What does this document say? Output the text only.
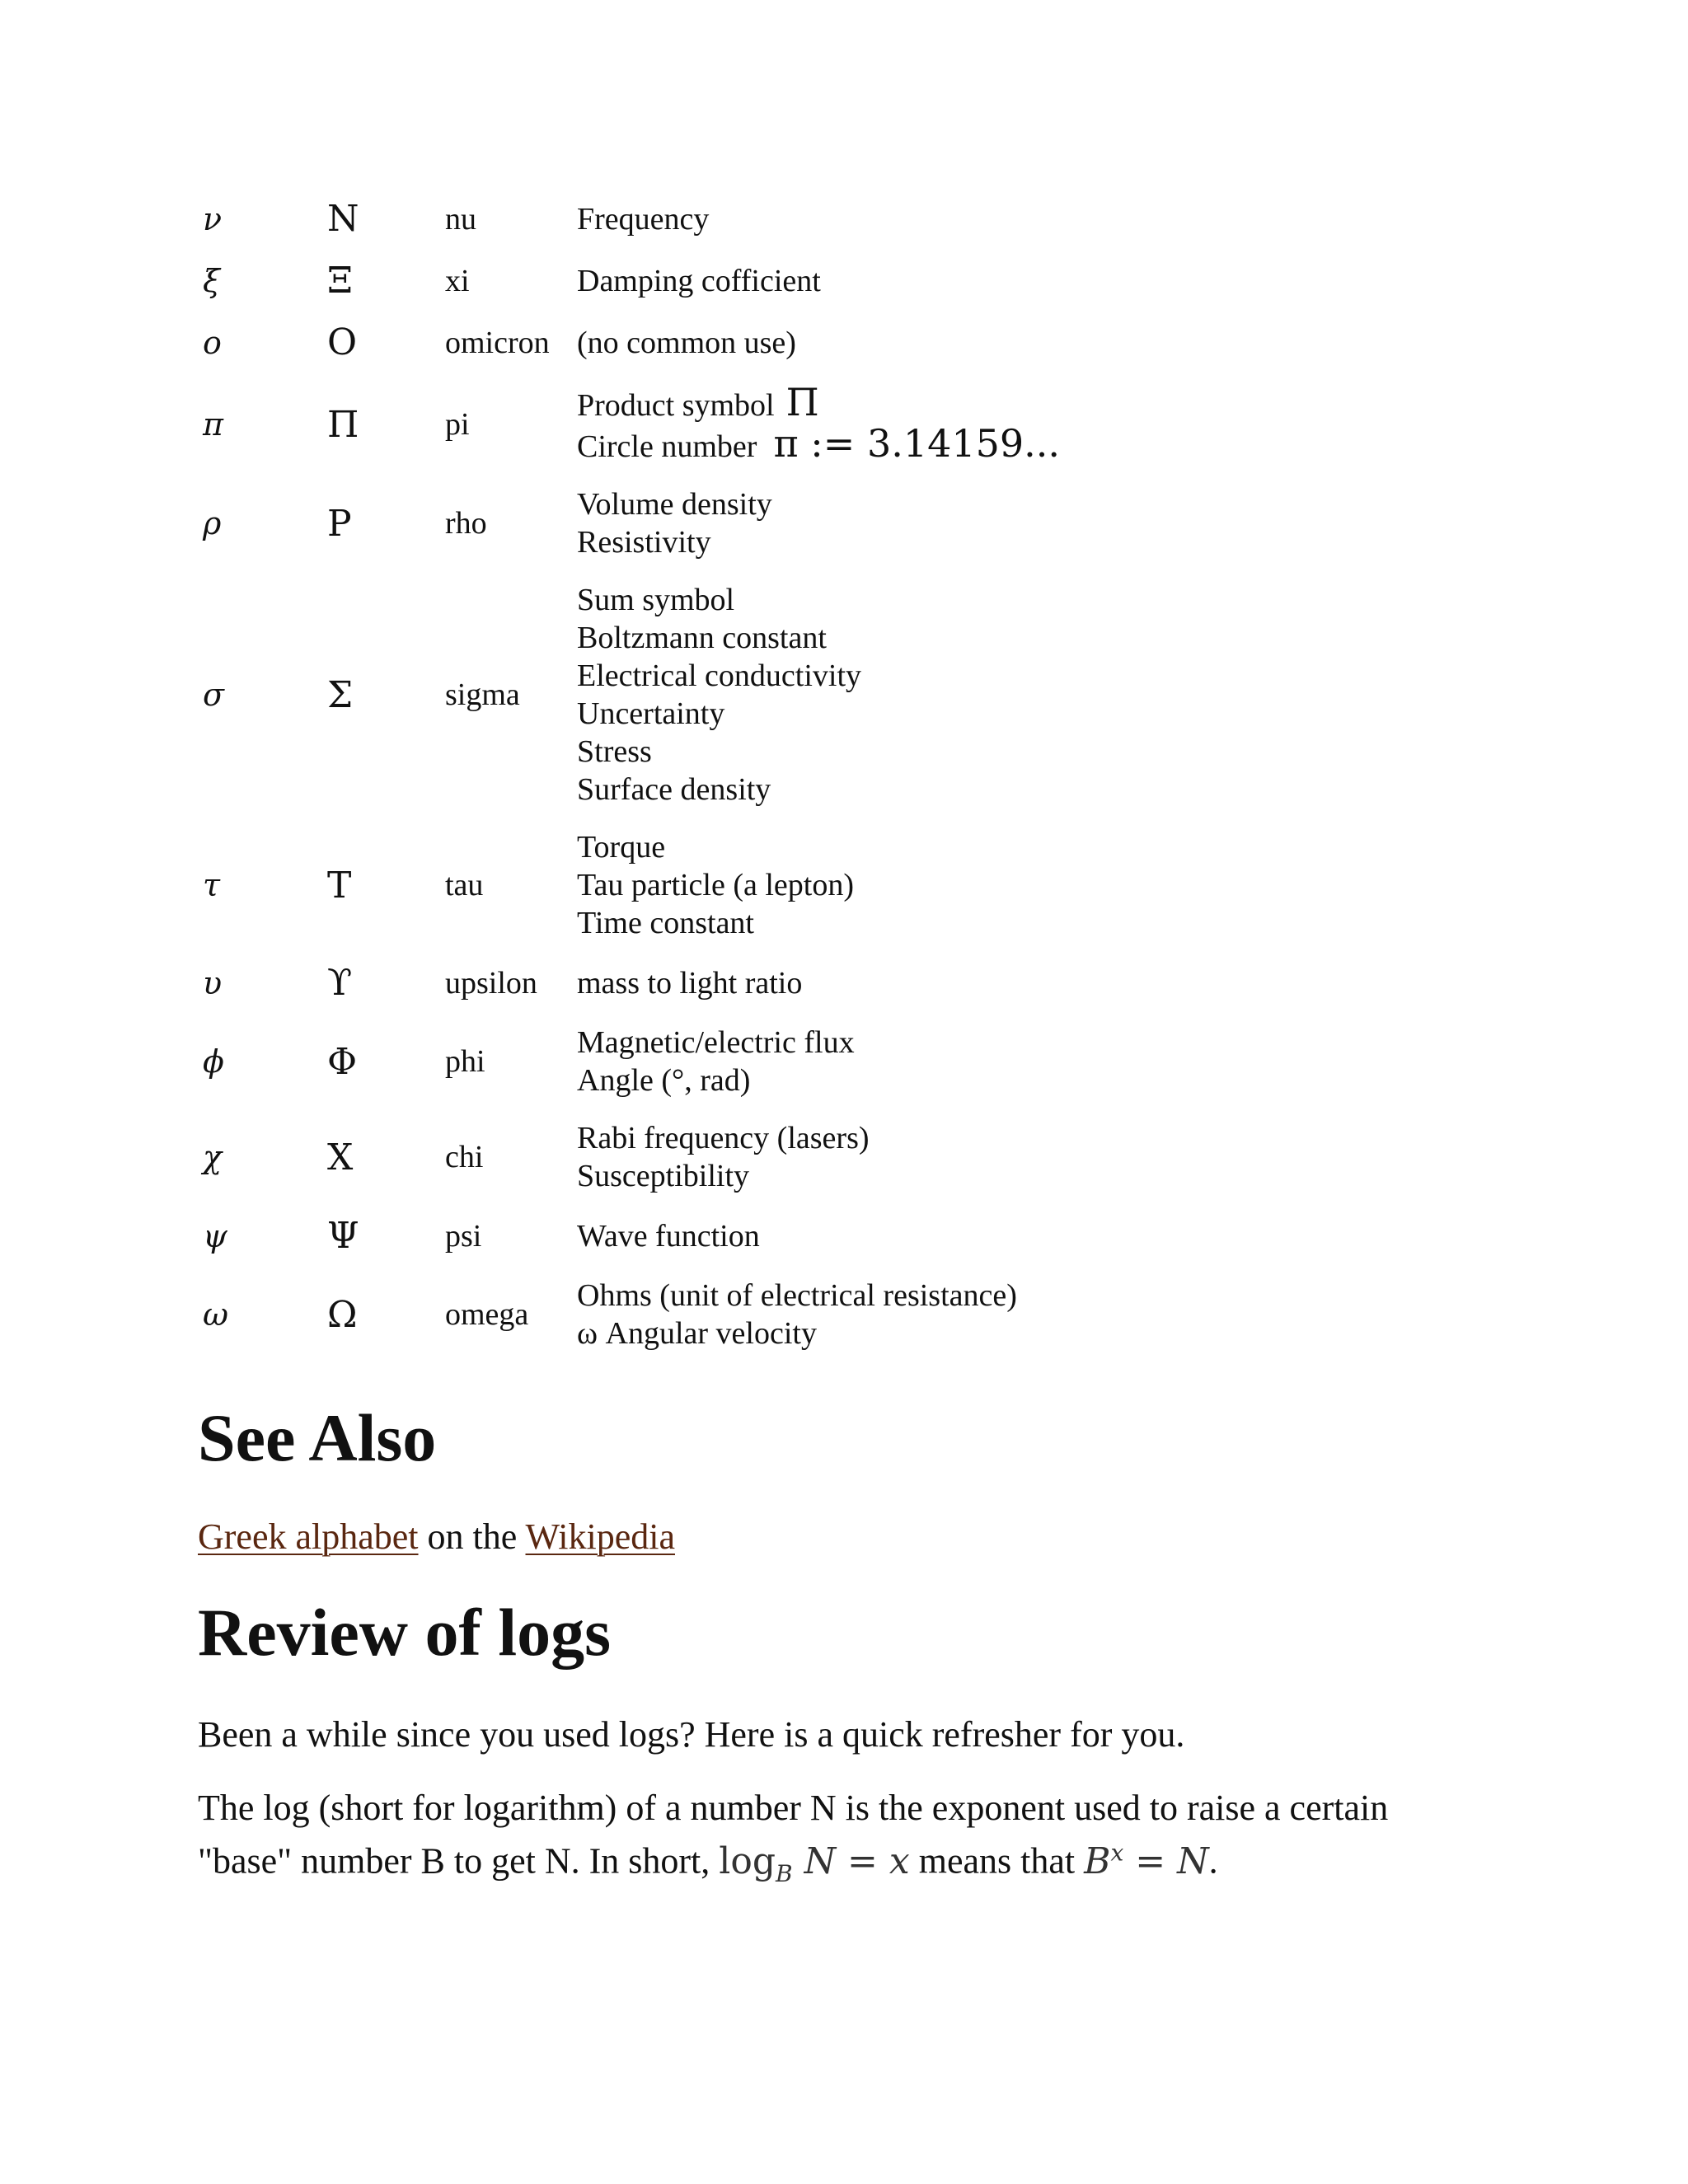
ν	N	nu	Frequency
ξ	Ξ	xi	Damping cofficient
ο	Ο	omicron (no common use)
π	Π	pi
Product symbol Π
Circle number π := 3.14159...
ρ	P	rho
Volume density
Resistivity
σ	Σ	sigma
Sum symbol
Boltzmann constant
Electrical conductivity
Uncertainty
Stress
Surface density
τ	T	tau
Torque
Tau particle (a lepton)
Time constant
υ	ϒ	upsilon	mass to light ratio
ϕ	Φ	phi
Magnetic/electric flux
Angle (°, rad)
χ	X	chi
Rabi frequency (lasers)
Susceptibility
ψ	Ψ	psi	Wave function
ω	Ω	omega
Ohms (unit of electrical resistance)
ω Angular velocity
See Also

Greek alphabet on the Wikipedia

Review of logs

Been a while since you used logs? Here is a quick refresher for you.

The log (short for logarithm) of a number N is the exponent used to raise a certain
"base" number B to get N. In short, $\log_B N = x$ means that $B^x = N$.
